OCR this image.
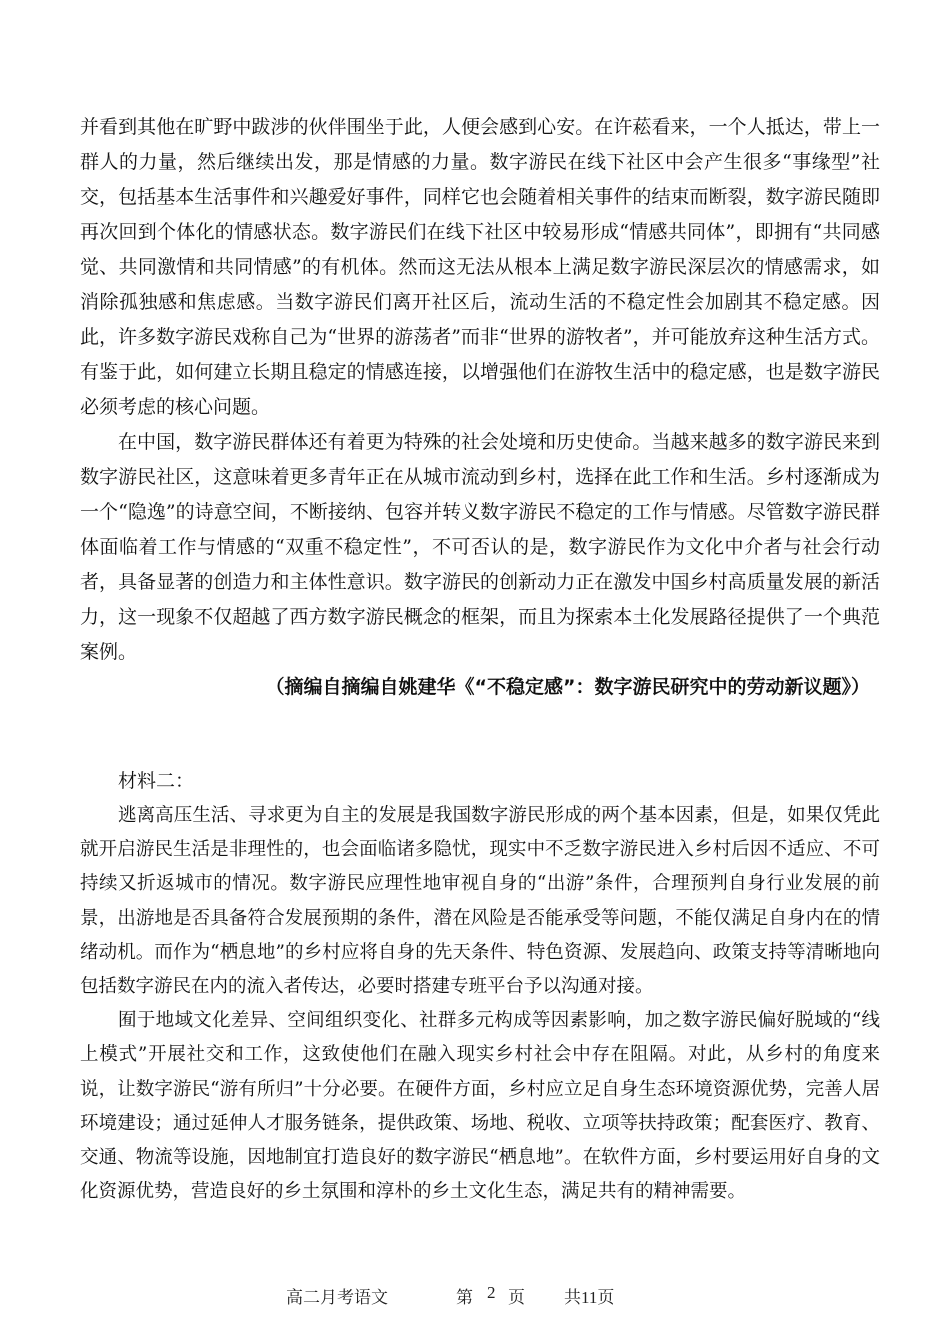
并看到其他在旷野中跋涉的伙伴围坐于此，人便会感到心安。在许菘看来，一个人抵达，带上一群人的力量，然后继续出发，那是情感的力量。数字游民在线下社区中会产生很多“事缘型”社交，包括基本生活事件和兴趣爱好事件，同样它也会随着相关事件的结束而断裂，数字游民随即再次回到个体化的情感状态。数字游民们在线下社区中较易形成“情感共同体”，即拥有“共同感觉、共同激情和共同情感”的有机体。然而这无法从根本上满足数字游民深层次的情感需求，如消除孤独感和焦虑感。当数字游民们离开社区后，流动生活的不稳定性会加剧其不稳定感。因此，许多数字游民戏称自己为“世界的游荡者”而非“世界的游牧者”，并可能放弃这种生活方式。有鉴于此，如何建立长期且稳定的情感连接，以增强他们在游牧生活中的稳定感，也是数字游民必须考虑的核心问题。

在中国，数字游民群体还有着更为特殊的社会处境和历史使命。当越来越多的数字游民来到数字游民社区，这意味着更多青年正在从城市流动到乡村，选择在此工作和生活。乡村逐渐成为一个“隐逸”的诗意空间，不断接纳、包容并转义数字游民不稳定的工作与情感。尽管数字游民群体面临着工作与情感的“双重不稳定性”，不可否认的是，数字游民作为文化中介者与社会行动者，具备显著的创造力和主体性意识。数字游民的创新动力正在激发中国乡村高质量发展的新活力，这一现象不仅超越了西方数字游民概念的框架，而且为探索本土化发展路径提供了一个典范案例。

（摘编自摘编自姚建华《“不稳定感”：数字游民研究中的劳动新议题》）

材料二：

逃离高压生活、寻求更为自主的发展是我国数字游民形成的两个基本因素，但是，如果仅凭此就开启游民生活是非理性的，也会面临诸多隐忧，现实中不乏数字游民进入乡村后因不适应、不可持续又折返城市的情况。数字游民应理性地审视自身的“出游”条件，合理预判自身行业发展的前景，出游地是否具备符合发展预期的条件，潜在风险是否能承受等问题，不能仅满足自身内在的情绪动机。而作为“栖息地”的乡村应将自身的先天条件、特色资源、发展趋向、政策支持等清晰地向包括数字游民在内的流入者传达，必要时搭建专班平台予以沟通对接。

囿于地域文化差异、空间组织变化、社群多元构成等因素影响，加之数字游民偏好脱域的“线上模式”开展社交和工作，这致使他们在融入现实乡村社会中存在阻隔。对此，从乡村的角度来说，让数字游民“游有所归”十分必要。在硬件方面，乡村应立足自身生态环境资源优势，完善人居环境建设；通过延伸人才服务链条，提供政策、场地、税收、立项等扶持政策；配套医疗、教育、交通、物流等设施，因地制宜打造良好的数字游民“栖息地”。在软件方面，乡村要运用好自身的文化资源优势，营造良好的乡土氛围和淳朴的乡土文化生态，满足共有的精神需要。

高二月考语文	第 2 页 共11页
